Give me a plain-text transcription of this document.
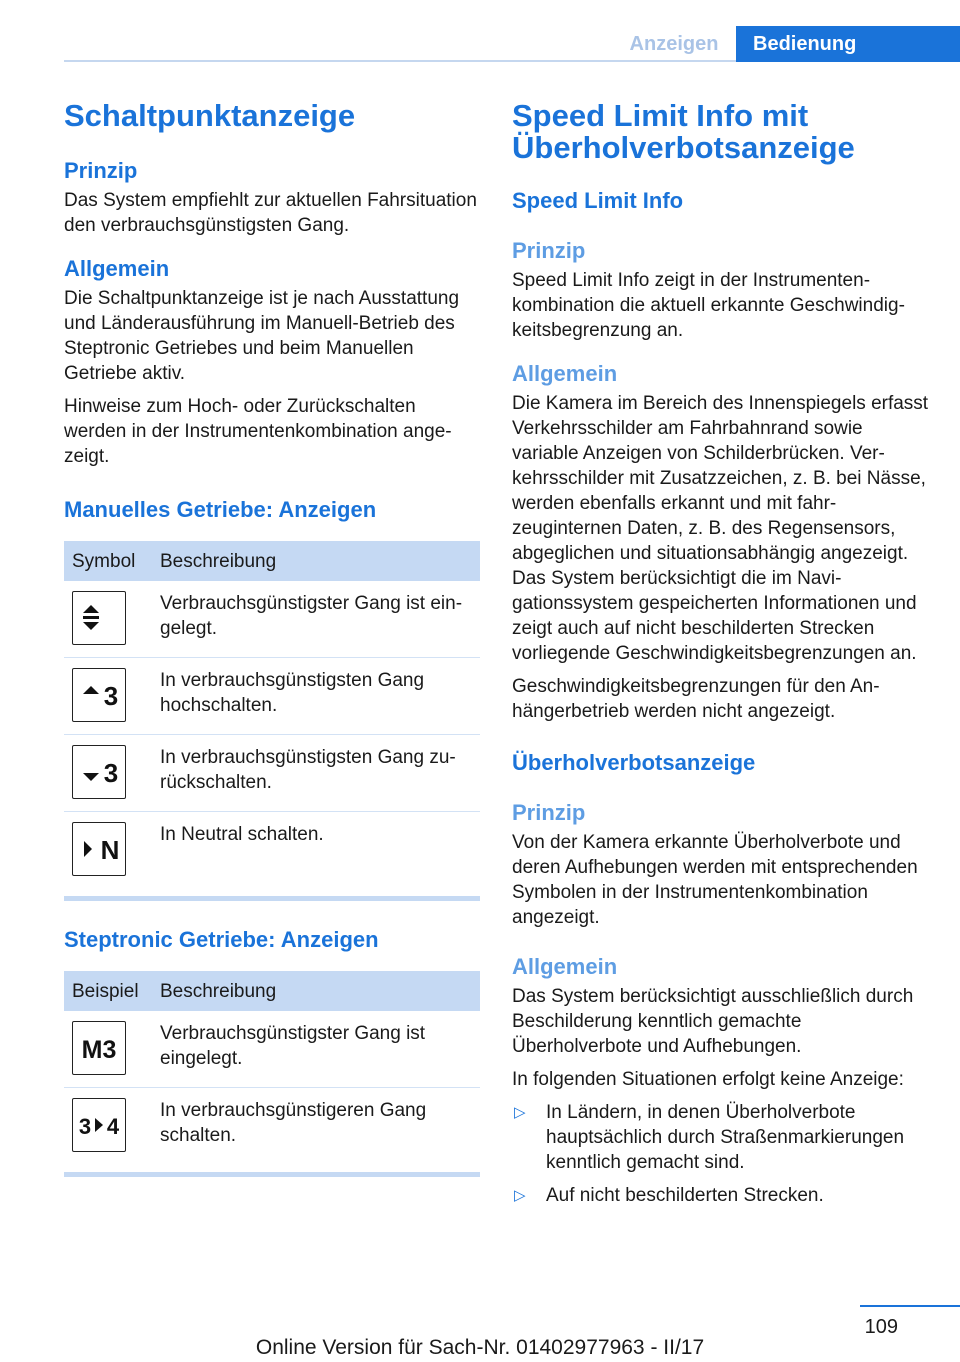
Anzeigen	Bedienung
Schaltpunktanzeige
Prinzip

Das System empfiehlt zur aktuellen Fahrsituation den verbrauchsgünstigsten Gang.

Allgemein

Die Schaltpunktanzeige ist je nach Ausstattung und Länderausführung im Manuell-Betrieb des Steptronic Getriebes und beim Manuellen Getriebe aktiv.

Hinweise zum Hoch- oder Zurückschalten werden in der Instrumentenkombination angezeigt.

Manuelles Getriebe: Anzeigen
Symbol	Beschreibung

	Verbrauchsgünstigster Gang ist eingelegt.

3	In verbrauchsgünstigsten Gang hochschalten.

3	In verbrauchsgünstigsten Gang zurückschalten.

N	In Neutral schalten.
Steptronic Getriebe: Anzeigen
Beispiel	Beschreibung

M3	Verbrauchsgünstigster Gang ist eingelegt.

3 4	In verbrauchsgünstigeren Gang schalten.
Speed Limit Info mit Überholverbotsanzeige
Speed Limit Info
Prinzip

Speed Limit Info zeigt in der Instrumentenkombination die aktuell erkannte Geschwindigkeitsbegrenzung an.

Allgemein

Die Kamera im Bereich des Innenspiegels erfasst Verkehrsschilder am Fahrbahnrand sowie variable Anzeigen von Schilderbrücken. Verkehrsschilder mit Zusatzzeichen, z. B. bei Nässe, werden ebenfalls erkannt und mit fahrzeuginternen Daten, z. B. des Regensensors, abgeglichen und situationsabhängig angezeigt. Das System berücksichtigt die im Navigationssystem gespeicherten Informationen und zeigt auch auf nicht beschilderten Strecken vorliegende Geschwindigkeitsbegrenzungen an.

Geschwindigkeitsbegrenzungen für den Anhängerbetrieb werden nicht angezeigt.

Überholverbotsanzeige
Prinzip

Von der Kamera erkannte Überholverbote und deren Aufhebungen werden mit entsprechenden Symbolen in der Instrumentenkombination angezeigt.

Allgemein

Das System berücksichtigt ausschließlich durch Beschilderung kenntlich gemachte Überholverbote und Aufhebungen.

In folgenden Situationen erfolgt keine Anzeige:

▷ In Ländern, in denen Überholverbote hauptsächlich durch Straßenmarkierungen kenntlich gemacht sind.
▷ Auf nicht beschilderten Strecken.
109
Online Version für Sach-Nr. 01402977963 - II/17
